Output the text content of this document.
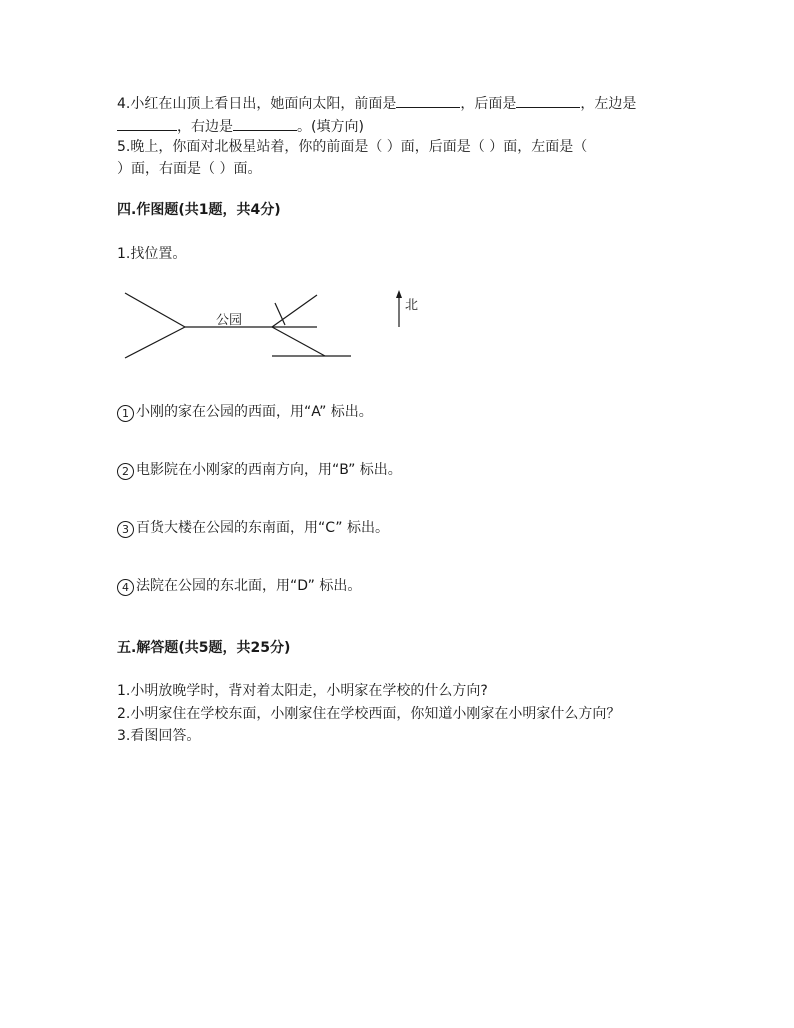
4.小红在山顶上看日出，她面向太阳，前面是	，后面是	，左边是
，右边是	。(填方向)
5.晚上，你面对北极星站着，你的前面是（ ）面，后面是（ ）面，左面是（
）面，右面是（ ）面。
四.作图题(共1题，共4分)
1.找位置。
公园
北
1 小刚的家在公园的西面，用“A” 标出。
2 电影院在小刚家的西南方向，用“B” 标出。
3 百货大楼在公园的东南面，用“C” 标出。
4 法院在公园的东北面，用“D” 标出。
五.解答题(共5题，共25分)
1.小明放晚学时，背对着太阳走，小明家在学校的什么方向?
2.小明家住在学校东面，小刚家住在学校西面，你知道小刚家在小明家什么方向？
3.看图回答。
